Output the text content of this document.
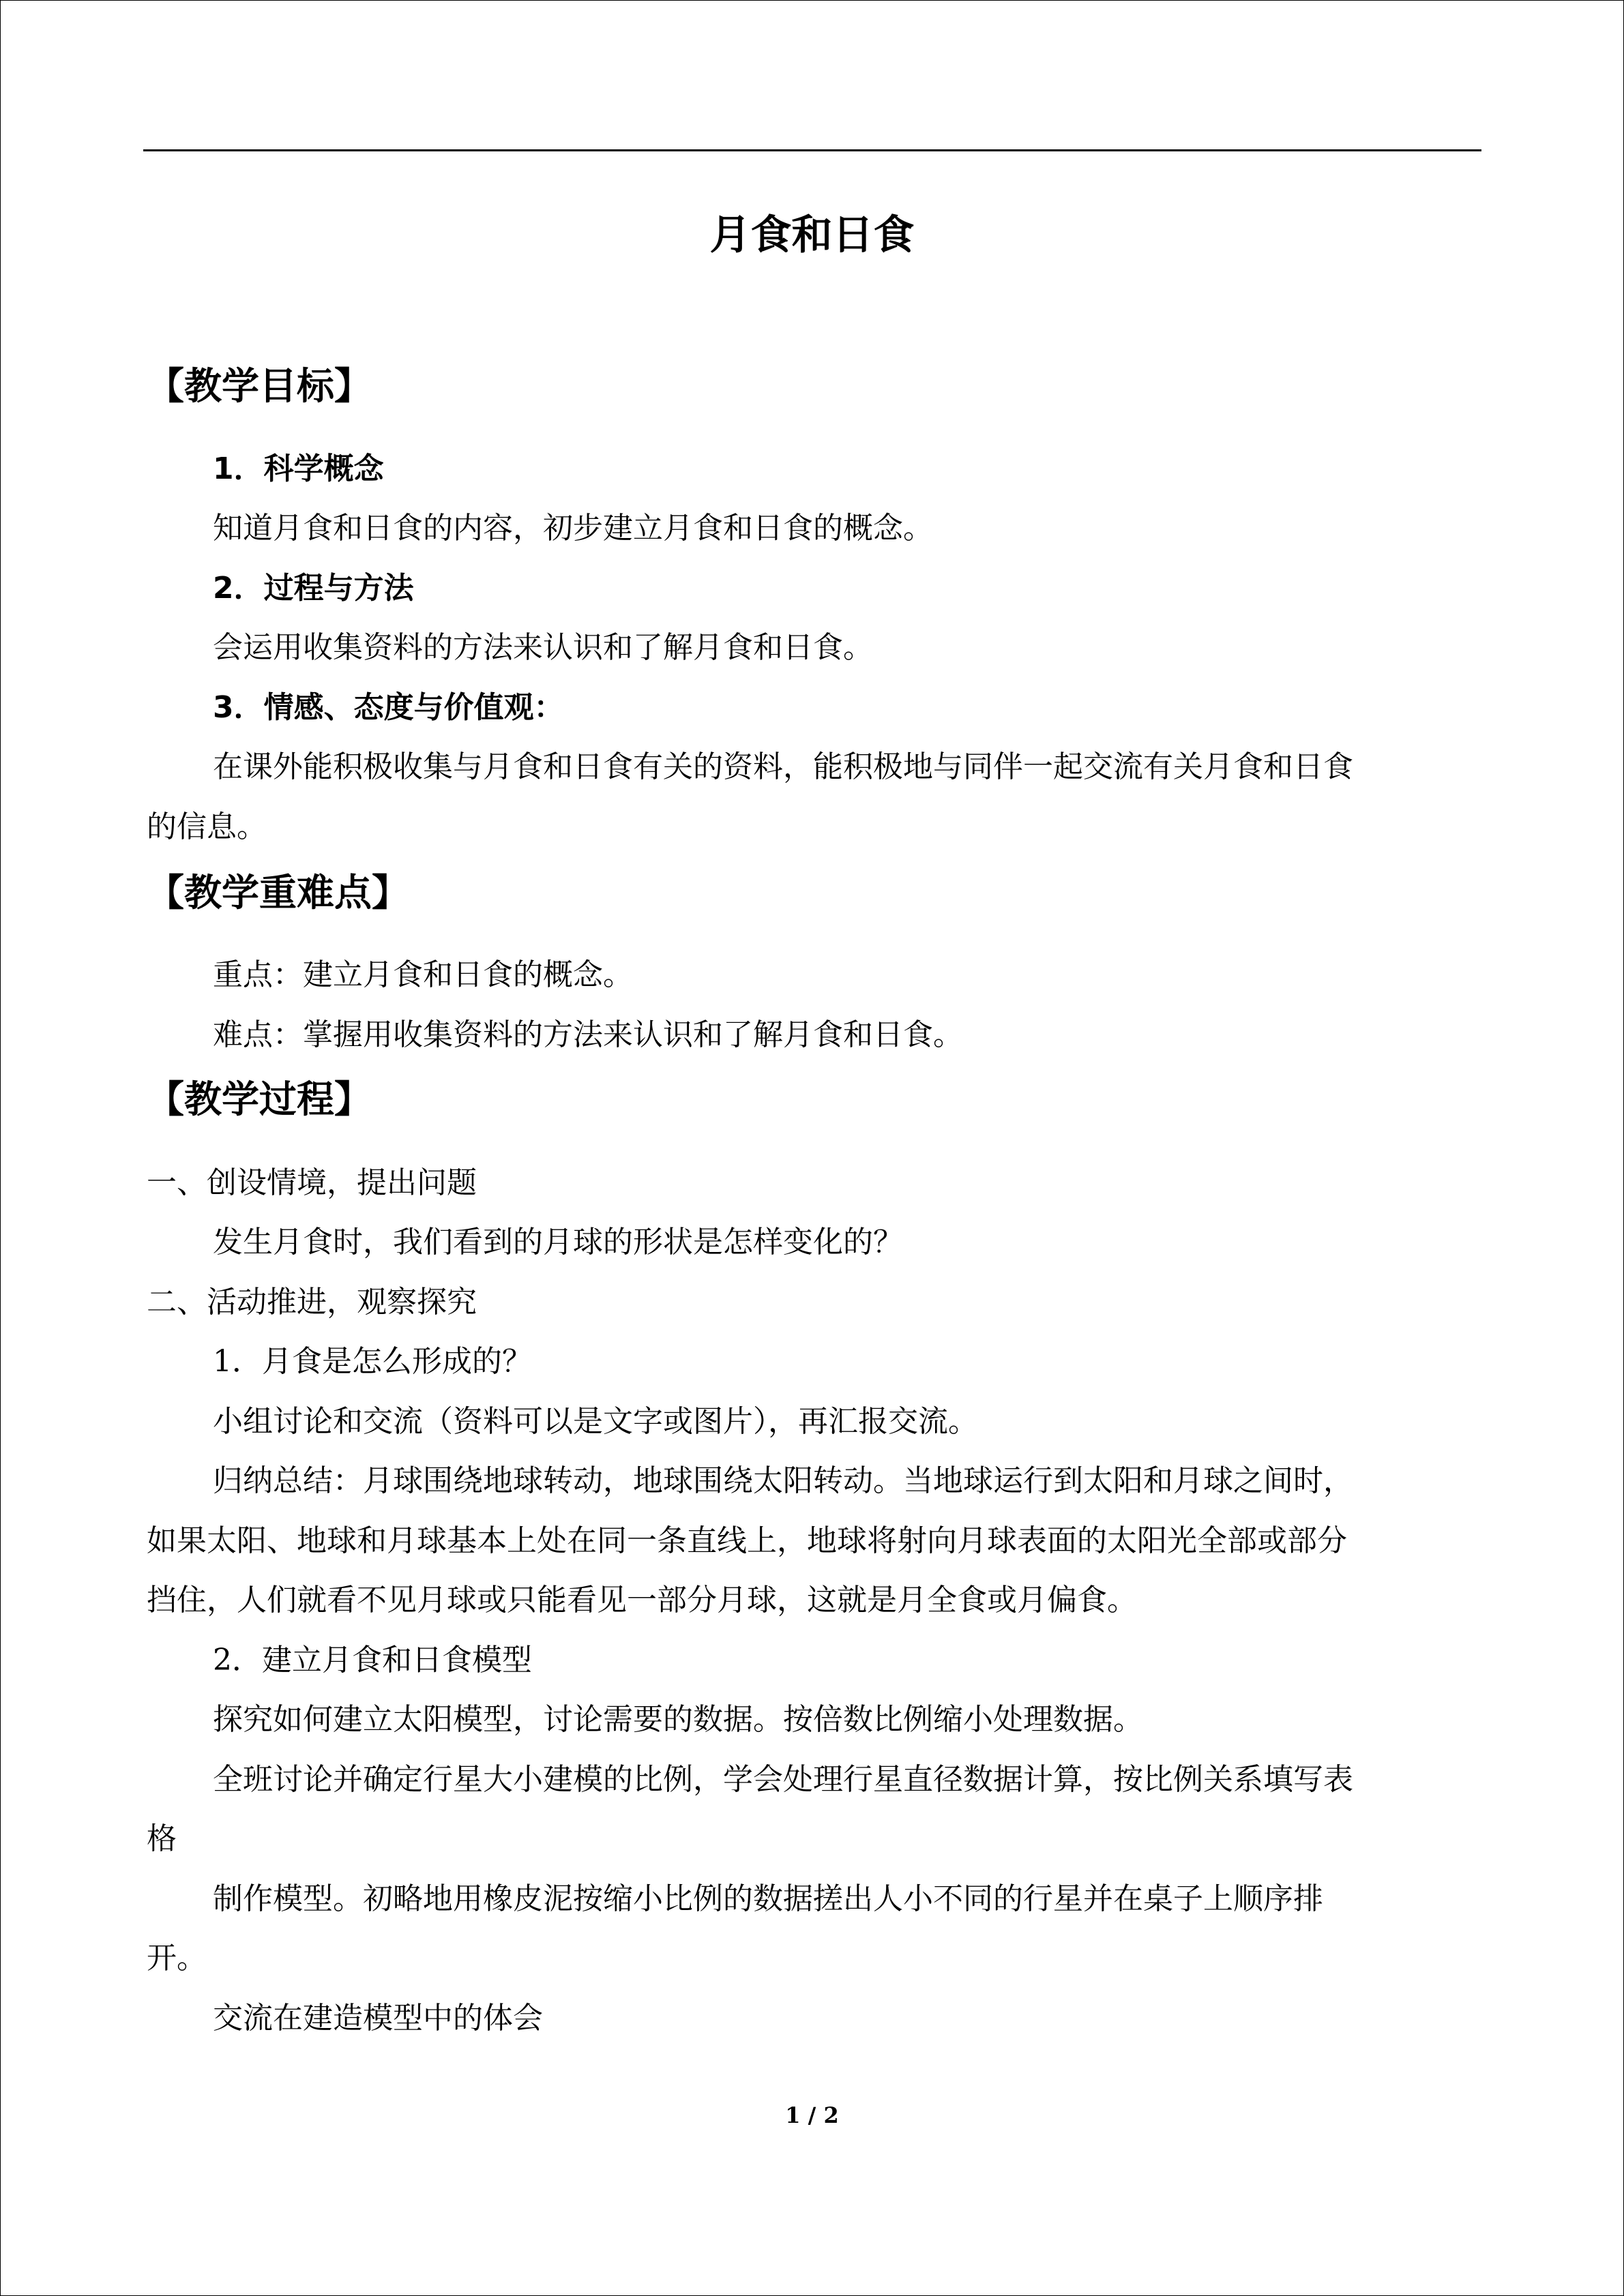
月食和日食
【教学目标】
1．科学概念
知道月食和日食的内容，初步建立月食和日食的概念。
2．过程与方法
会运用收集资料的方法来认识和了解月食和日食。
3．情感、态度与价值观：
在课外能积极收集与月食和日食有关的资料，能积极地与同伴一起交流有关月食和日食
的信息。
【教学重难点】
重点：建立月食和日食的概念。
难点：掌握用收集资料的方法来认识和了解月食和日食。
【教学过程】
一、创设情境，提出问题
发生月食时，我们看到的月球的形状是怎样变化的？
二、活动推进，观察探究
1．月食是怎么形成的？
小组讨论和交流（资料可以是文字或图片），再汇报交流。
归纳总结：月球围绕地球转动，地球围绕太阳转动。当地球运行到太阳和月球之间时，
如果太阳、地球和月球基本上处在同一条直线上，地球将射向月球表面的太阳光全部或部分
挡住，人们就看不见月球或只能看见一部分月球，这就是月全食或月偏食。
2．建立月食和日食模型
探究如何建立太阳模型，讨论需要的数据。按倍数比例缩小处理数据。
全班讨论并确定行星大小建模的比例，学会处理行星直径数据计算，按比例关系填写表
格
制作模型。初略地用橡皮泥按缩小比例的数据搓出人小不同的行星并在桌子上顺序排
开。
交流在建造模型中的体会
1 / 2
